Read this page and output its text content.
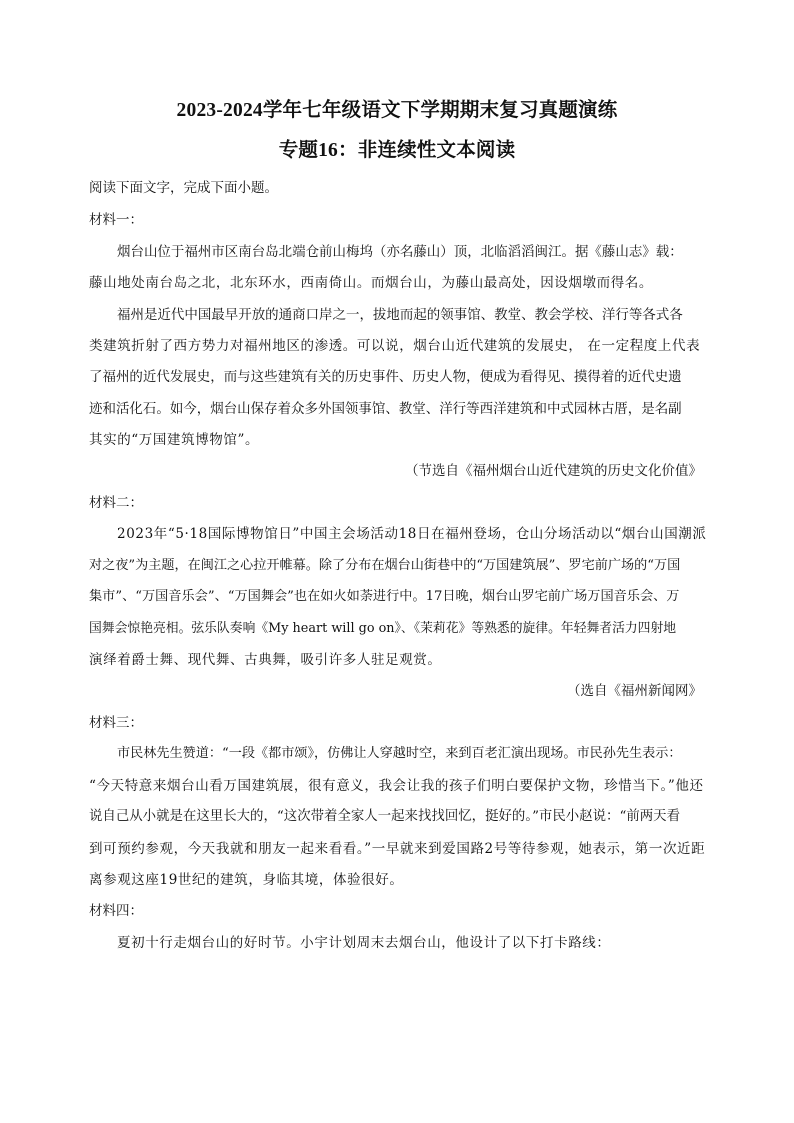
2023-2024学年七年级语文下学期期末复习真题演练
专题16：非连续性文本阅读
阅读下面文字，完成下面小题。
材料一：
烟台山位于福州市区南台岛北端仓前山梅坞（亦名藤山）顶，北临滔滔闽江。据《藤山志》载：
藤山地处南台岛之北，北东环水，西南倚山。而烟台山，为藤山最高处，因设烟墩而得名。
福州是近代中国最早开放的通商口岸之一，拔地而起的领事馆、教堂、教会学校、洋行等各式各
类建筑折射了西方势力对福州地区的渗透。可以说，烟台山近代建筑的发展史， 在一定程度上代表
了福州的近代发展史，而与这些建筑有关的历史事件、历史人物，便成为看得见、摸得着的近代史遗
迹和活化石。如今，烟台山保存着众多外国领事馆、教堂、洋行等西洋建筑和中式园林古厝，是名副
其实的“万国建筑博物馆”。
（节选自《福州烟台山近代建筑的历史文化价值》
材料二：
2023年“5·18国际博物馆日”中国主会场活动18日在福州登场，仓山分场活动以“烟台山国潮派
对之夜”为主题，在闽江之心拉开帷幕。除了分布在烟台山街巷中的“万国建筑展”、罗宅前广场的“万国
集市”、“万国音乐会”、“万国舞会”也在如火如荼进行中。17日晚，烟台山罗宅前广场万国音乐会、万
国舞会惊艳亮相。弦乐队奏响《My heart will go on》、《茉莉花》等熟悉的旋律。年轻舞者活力四射地
演绎着爵士舞、现代舞、古典舞，吸引许多人驻足观赏。
（选自《福州新闻网》
材料三：
市民林先生赞道：“一段《都市颂》，仿佛让人穿越时空，来到百老汇演出现场。市民孙先生表示：
“今天特意来烟台山看万国建筑展，很有意义，我会让我的孩子们明白要保护文物，珍惜当下。”他还
说自己从小就是在这里长大的，“这次带着全家人一起来找找回忆，挺好的。”市民小赵说：“前两天看
到可预约参观，今天我就和朋友一起来看看。”一早就来到爱国路2号等待参观，她表示，第一次近距
离参观这座19世纪的建筑，身临其境，体验很好。
材料四：
夏初十行走烟台山的好时节。小宇计划周末去烟台山，他设计了以下打卡路线：
